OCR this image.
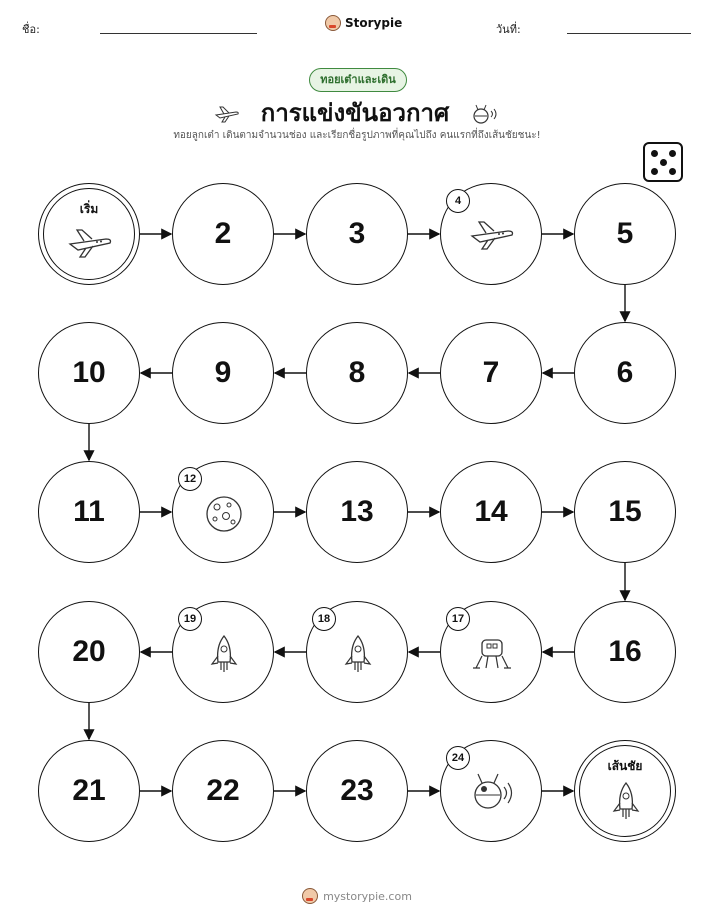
ชื่อ:	Storypie	วันที่:
ทอยเต๋าและเดิน
การแข่งขันอวกาศ
ทอยลูกเต๋า เดินตามจำนวนช่อง และเรียกชื่อรูปภาพที่คุณไปถึง คนแรกที่ถึงเส้นชัยชนะ!
เริ่ม
2	3
4
5
6
7
8
9
10
11
12
13	14	15
16
17
18
19
20
21	22	23
24
เส้นชัย
mystorypie.com
